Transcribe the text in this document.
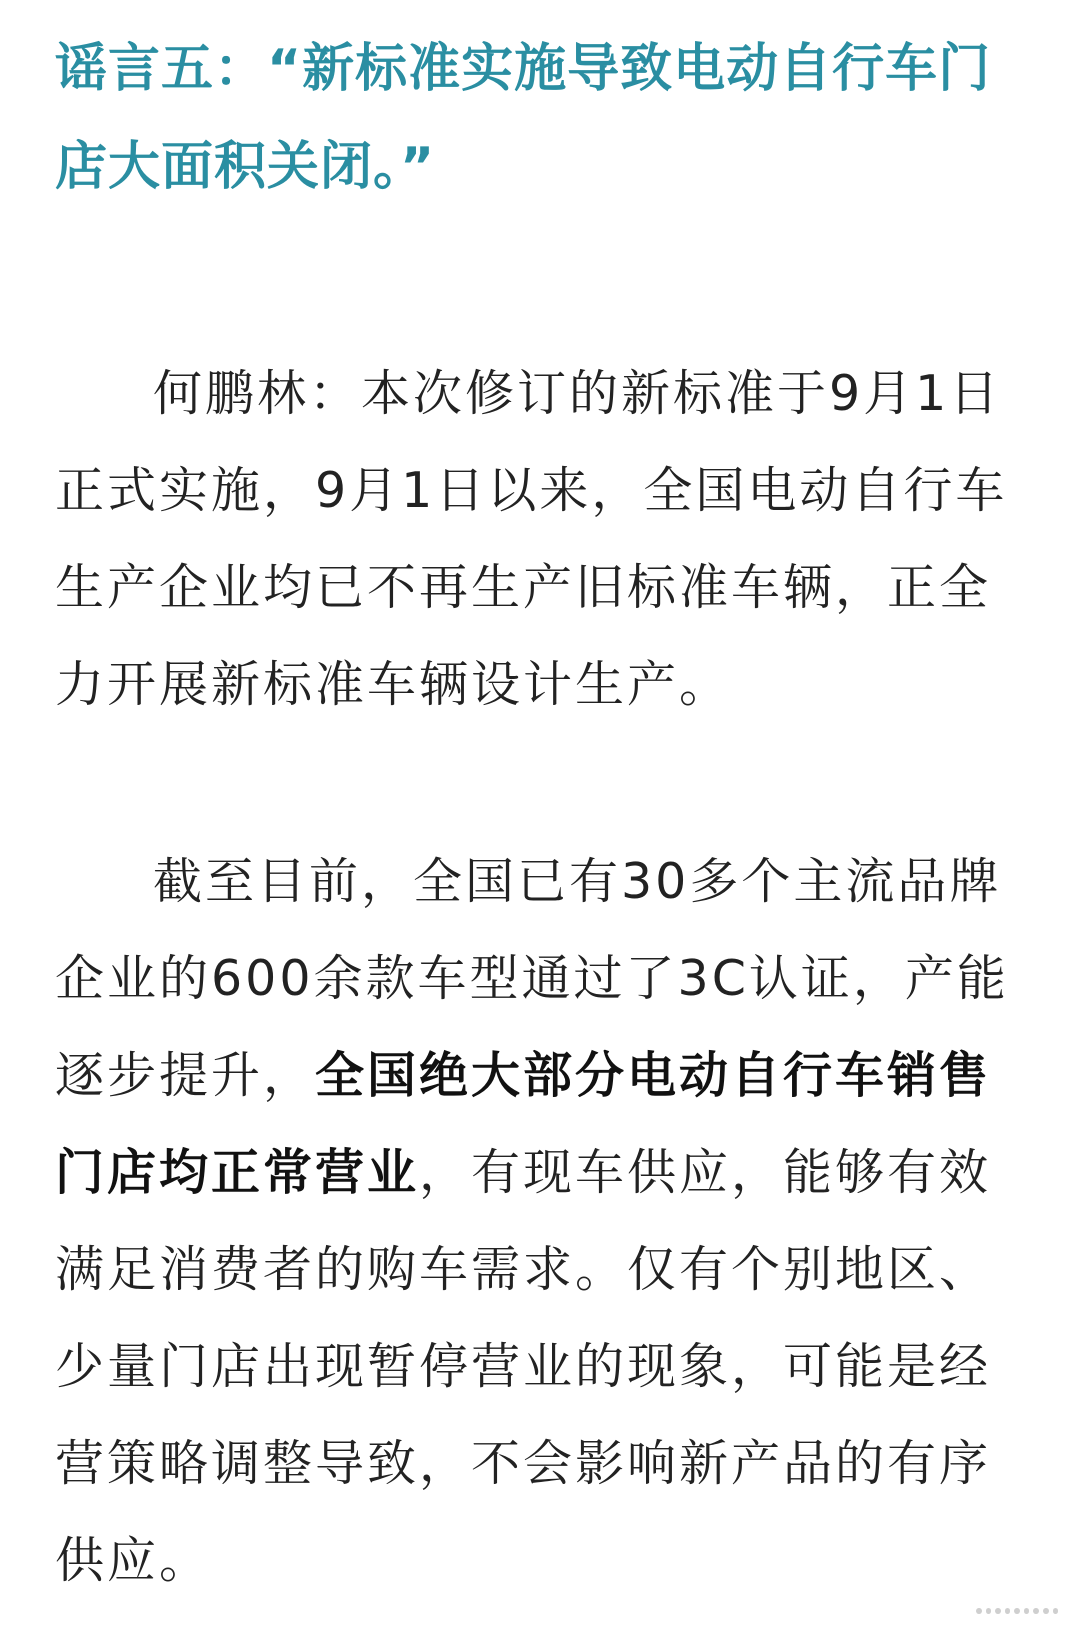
谣言五：“新标准实施导致电动自行车门店大面积关闭。”

何鹏林：本次修订的新标准于9月1日正式实施，9月1日以来，全国电动自行车生产企业均已不再生产旧标准车辆，正全力开展新标准车辆设计生产。

截至目前，全国已有30多个主流品牌企业的600余款车型通过了3C认证，产能逐步提升，全国绝大部分电动自行车销售门店均正常营业，有现车供应，能够有效满足消费者的购车需求。仅有个别地区、少量门店出现暂停营业的现象，可能是经营策略调整导致，不会影响新产品的有序供应。
